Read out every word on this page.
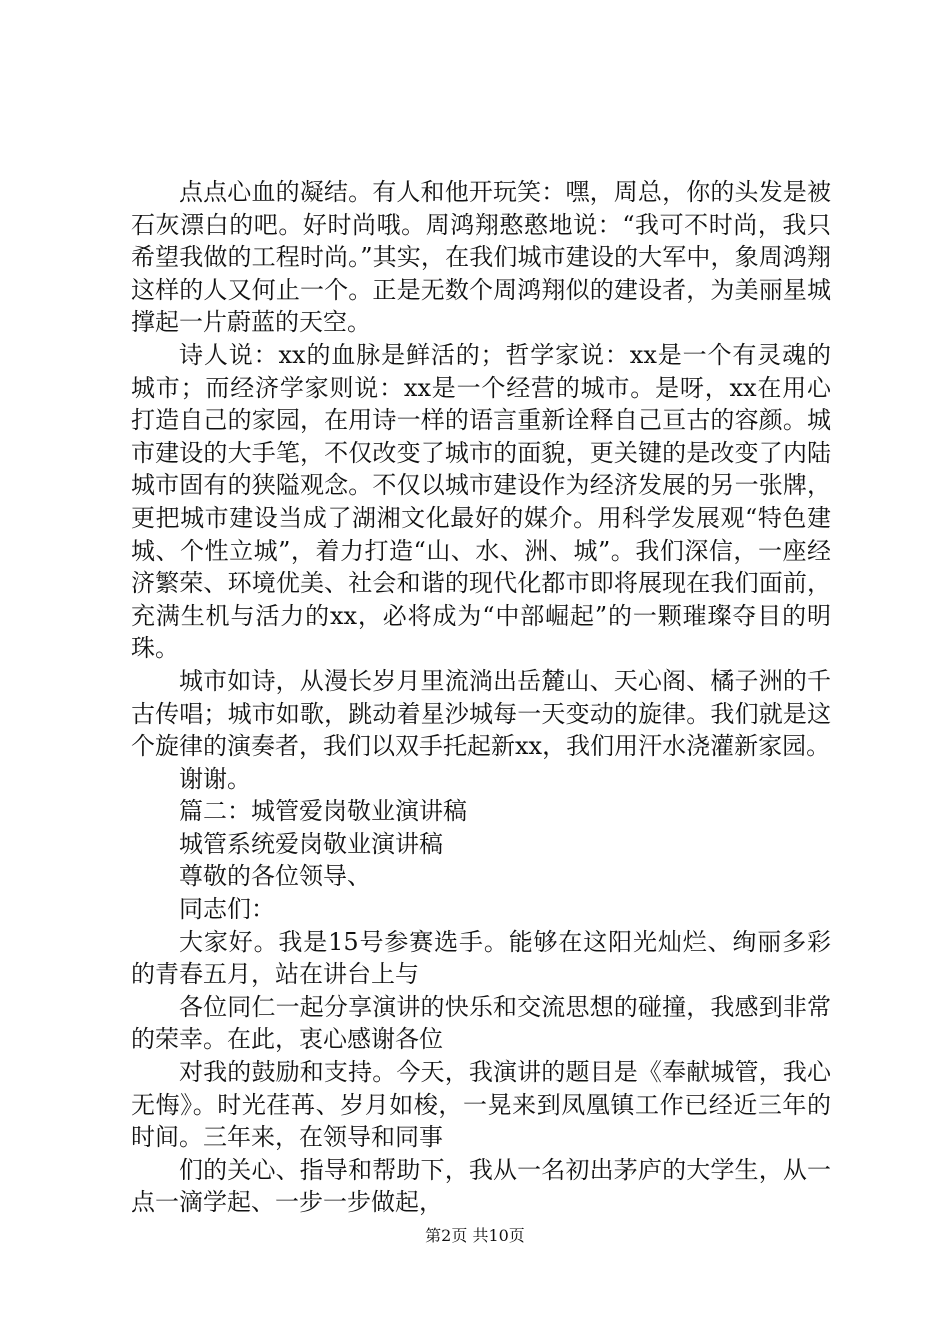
点点心血的凝结。有人和他开玩笑：嘿，周总，你的头发是被石灰漂白的吧。好时尚哦。周鸿翔憨憨地说：“我可不时尚，我只希望我做的工程时尚。”其实，在我们城市建设的大军中，象周鸿翔这样的人又何止一个。正是无数个周鸿翔似的建设者，为美丽星城撑起一片蔚蓝的天空。

诗人说：xx的血脉是鲜活的；哲学家说：xx是一个有灵魂的城市；而经济学家则说：xx是一个经营的城市。是呀，xx在用心打造自己的家园，在用诗一样的语言重新诠释自己亘古的容颜。城市建设的大手笔，不仅改变了城市的面貌，更关键的是改变了内陆城市固有的狭隘观念。不仅以城市建设作为经济发展的另一张牌，更把城市建设当成了湖湘文化最好的媒介。用科学发展观“特色建城、个性立城”，着力打造“山、水、洲、城”。我们深信，一座经济繁荣、环境优美、社会和谐的现代化都市即将展现在我们面前，充满生机与活力的xx，必将成为“中部崛起”的一颗璀璨夺目的明珠。

城市如诗，从漫长岁月里流淌出岳麓山、天心阁、橘子洲的千古传唱；城市如歌，跳动着星沙城每一天变动的旋律。我们就是这个旋律的演奏者，我们以双手托起新xx，我们用汗水浇灌新家园。

谢谢。

篇二：城管爱岗敬业演讲稿

城管系统爱岗敬业演讲稿

尊敬的各位领导、

同志们：

大家好。我是15号参赛选手。能够在这阳光灿烂、绚丽多彩的青春五月，站在讲台上与

各位同仁一起分享演讲的快乐和交流思想的碰撞，我感到非常的荣幸。在此，衷心感谢各位

对我的鼓励和支持。今天，我演讲的题目是《奉献城管，我心无悔》。时光荏苒、岁月如梭，一晃来到凤凰镇工作已经近三年的时间。三年来，在领导和同事

们的关心、指导和帮助下，我从一名初出茅庐的大学生，从一点一滴学起、一步一步做起，

第2页 共10页
